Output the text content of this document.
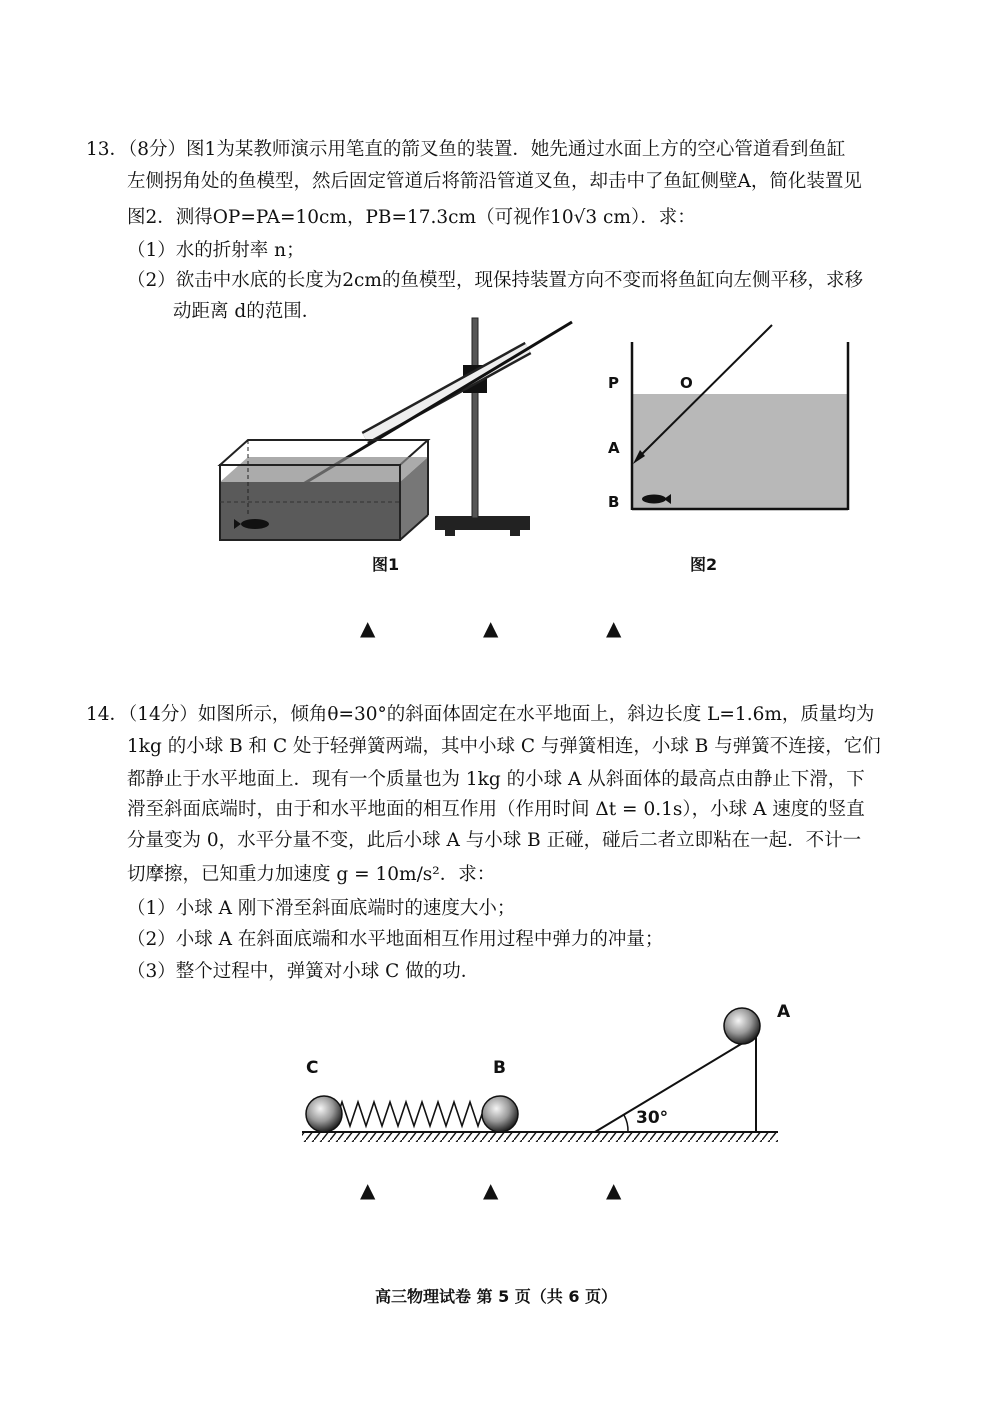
13．（8分）图1为某教师演示用笔直的箭叉鱼的装置．她先通过水面上方的空心管道看到鱼缸
左侧拐角处的鱼模型，然后固定管道后将箭沿管道叉鱼，却击中了鱼缸侧壁A，简化装置见
图2．测得OP=PA=10cm，PB=17.3cm（可视作10√3 cm）．求：
（1）水的折射率 n；
（2）欲击中水底的长度为2cm的鱼模型，现保持装置方向不变而将鱼缸向左侧平移，求移
动距离 d的范围．
图1
P	O
A
B
图2
▲	▲	▲
14．（14分）如图所示，倾角θ=30°的斜面体固定在水平地面上，斜边长度 L=1.6m，质量均为
1kg 的小球 B 和 C 处于轻弹簧两端，其中小球 C 与弹簧相连，小球 B 与弹簧不连接，它们
都静止于水平地面上．现有一个质量也为 1kg 的小球 A 从斜面体的最高点由静止下滑，下
滑至斜面底端时，由于和水平地面的相互作用（作用时间 Δt = 0.1s），小球 A 速度的竖直
分量变为 0，水平分量不变，此后小球 A 与小球 B 正碰，碰后二者立即粘在一起．不计一
切摩擦，已知重力加速度 g = 10m/s²．求：
（1）小球 A 刚下滑至斜面底端时的速度大小；
（2）小球 A 在斜面底端和水平地面相互作用过程中弹力的冲量；
（3）整个过程中，弹簧对小球 C 做的功．
30°
C	B
A
▲	▲	▲
高三物理试卷 第 5 页（共 6 页）
